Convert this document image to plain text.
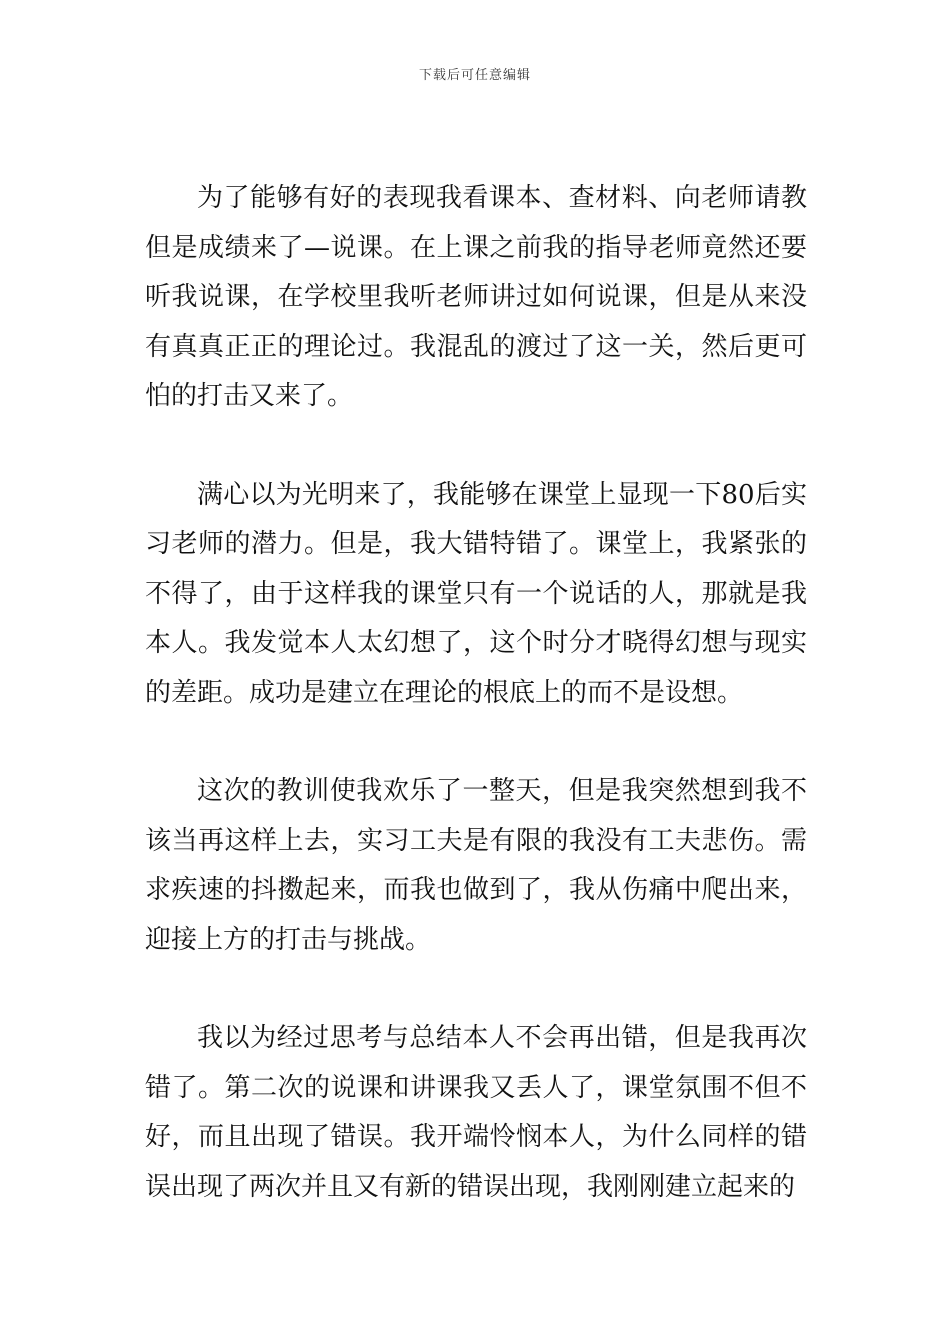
下载后可任意编辑

为了能够有好的表现我看课本、查材料、向老师请教但是成绩来了—说课。在上课之前我的指导老师竟然还要听我说课，在学校里我听老师讲过如何说课，但是从来没有真真正正的理论过。我混乱的渡过了这一关，然后更可怕的打击又来了。

满心以为光明来了，我能够在课堂上显现一下80后实习老师的潜力。但是，我大错特错了。课堂上，我紧张的不得了，由于这样我的课堂只有一个说话的人，那就是我本人。我发觉本人太幻想了，这个时分才晓得幻想与现实的差距。成功是建立在理论的根底上的而不是设想。

这次的教训使我欢乐了一整天，但是我突然想到我不该当再这样上去，实习工夫是有限的我没有工夫悲伤。需求疾速的抖擞起来，而我也做到了，我从伤痛中爬出来，迎接上方的打击与挑战。

我以为经过思考与总结本人不会再出错，但是我再次错了。第二次的说课和讲课我又丢人了，课堂氛围不但不好，而且出现了错误。我开端怜悯本人，为什么同样的错误出现了两次并且又有新的错误出现，我刚刚建立起来的
